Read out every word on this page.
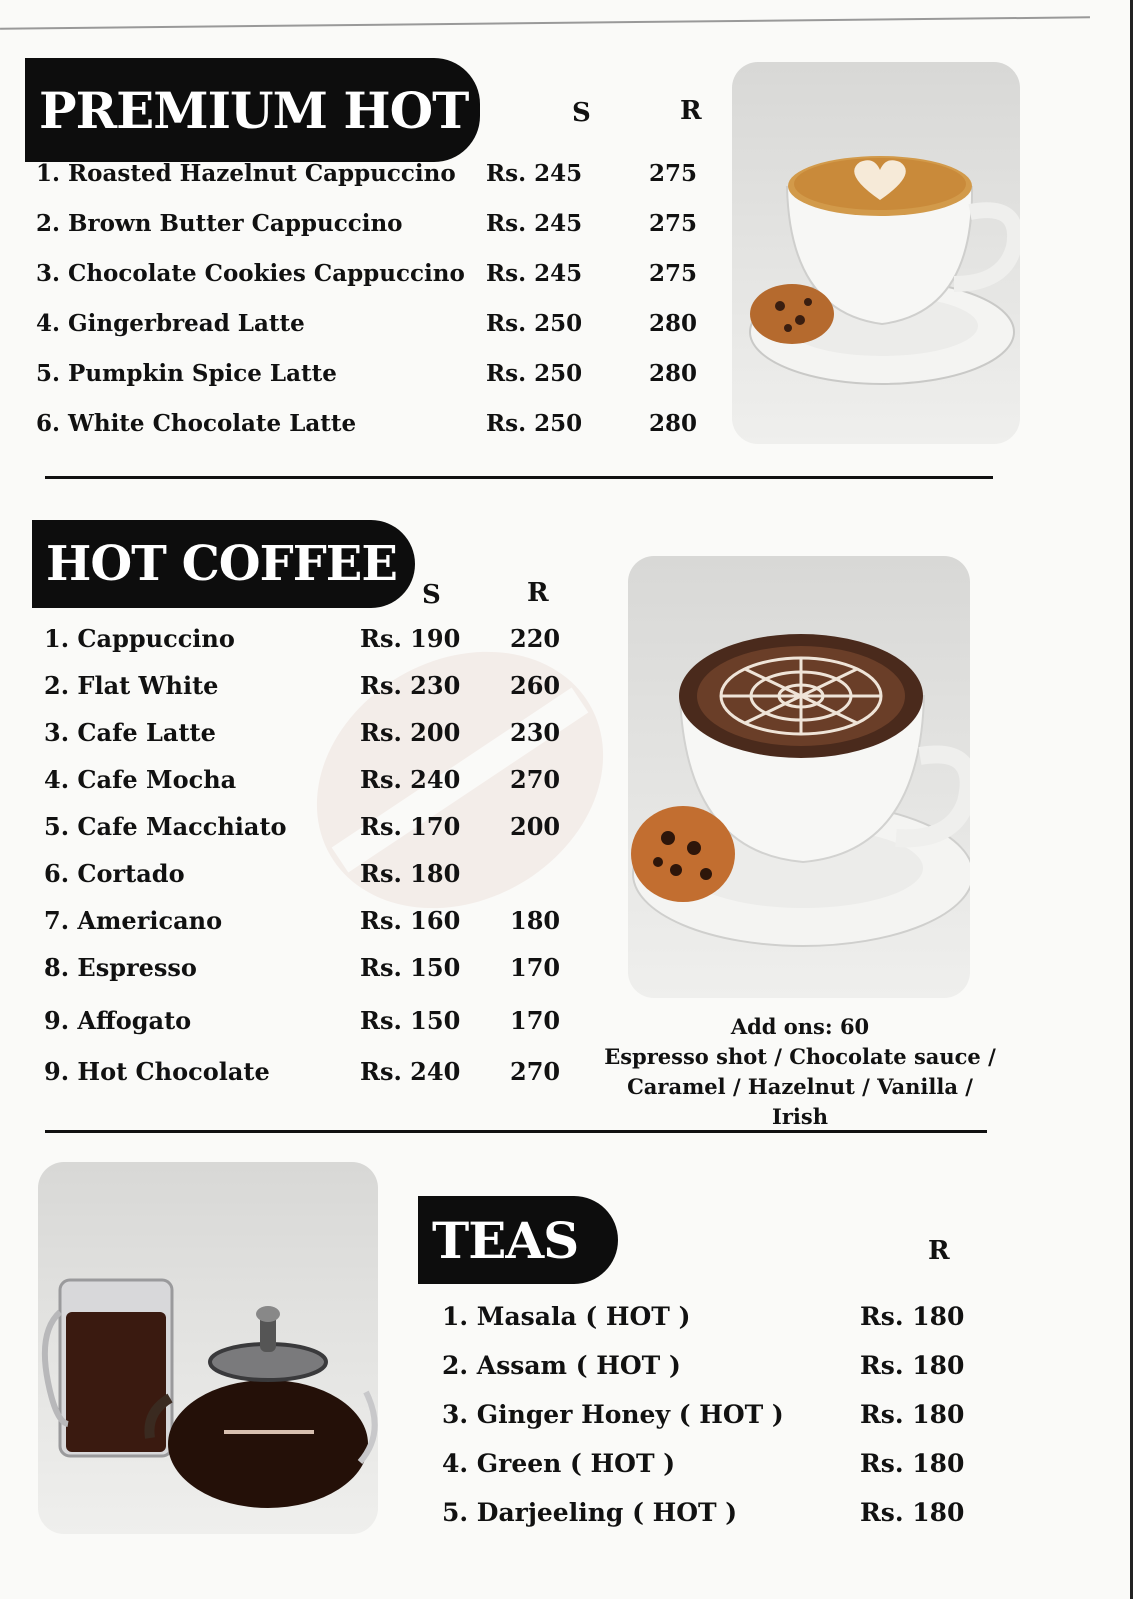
PREMIUM HOT	S	R
1. Roasted Hazelnut Cappuccino Rs. 245	275
2. Brown Butter Cappuccino	Rs. 245	275
3. Chocolate Cookies Cappuccino Rs. 245	275
4. Gingerbread Latte	Rs. 250	280
5. Pumpkin Spice Latte	Rs. 250	280
6. White Chocolate Latte	Rs. 250	280
HOT COFFEE
S	R
1. Cappuccino	Rs. 190 220
2. Flat White	Rs. 230 260
3. Cafe Latte	Rs. 200 230
4. Cafe Mocha	Rs. 240 270
5. Cafe Macchiato	Rs. 170 200
6. Cortado	Rs. 180
7. Americano	Rs. 160 180
8. Espresso	Rs. 150 170
9. Affogato	Rs. 150 170
9. Hot Chocolate	Rs. 240 270
Add ons: 60
Espresso shot / Chocolate sauce /
Caramel / Hazelnut / Vanilla / Irish
TEAS	R
1. Masala ( HOT )	Rs. 180
2. Assam ( HOT )	Rs. 180
3. Ginger Honey ( HOT )	Rs. 180
4. Green ( HOT )	Rs. 180
5. Darjeeling ( HOT )	Rs. 180
